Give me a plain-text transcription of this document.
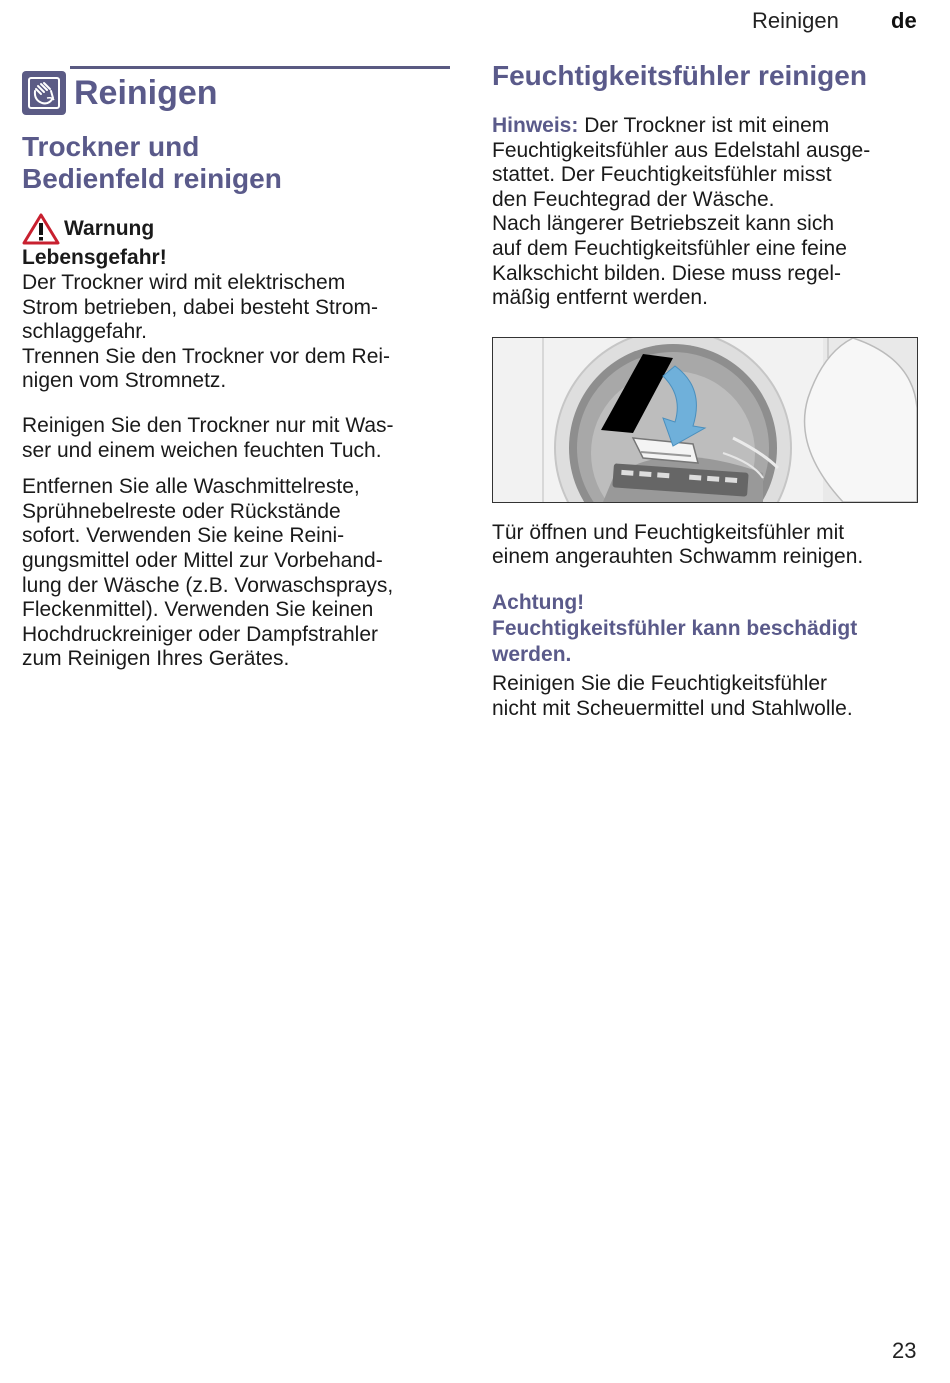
Reinigen de
Reinigen
Trockner und
Bedienfeld reinigen
Warnung
Lebensgefahr!

Der Trockner wird mit elektrischem

Strom betrieben, dabei besteht Strom-

schlaggefahr.

Trennen Sie den Trockner vor dem Rei-

nigen vom Stromnetz.

Reinigen Sie den Trockner nur mit Was-

ser und einem weichen feuchten Tuch.

Entfernen Sie alle Waschmittelreste,

Sprühnebelreste oder Rückstände

sofort. Verwenden Sie keine Reini-

gungsmittel oder Mittel zur Vorbehand-

lung der Wäsche (z.B. Vorwaschsprays,

Fleckenmittel). Verwenden Sie keinen

Hochdruckreiniger oder Dampfstrahler

zum Reinigen Ihres Gerätes.

Feuchtigkeitsfühler reinigen

Hinweis: Der Trockner ist mit einem

Feuchtigkeitsfühler aus Edelstahl ausge-

stattet. Der Feuchtigkeitsfühler misst

den Feuchtegrad der Wäsche.

Nach längerer Betriebszeit kann sich

auf dem Feuchtigkeitsfühler eine feine

Kalkschicht bilden. Diese muss regel-

mäßig entfernt werden.

Tür öffnen und Feuchtigkeitsfühler mit

einem angerauhten Schwamm reinigen.

Achtung!
Feuchtigkeitsfühler kann beschädigt
werden.

Reinigen Sie die Feuchtigkeitsfühler

nicht mit Scheuermittel und Stahlwolle.

23
